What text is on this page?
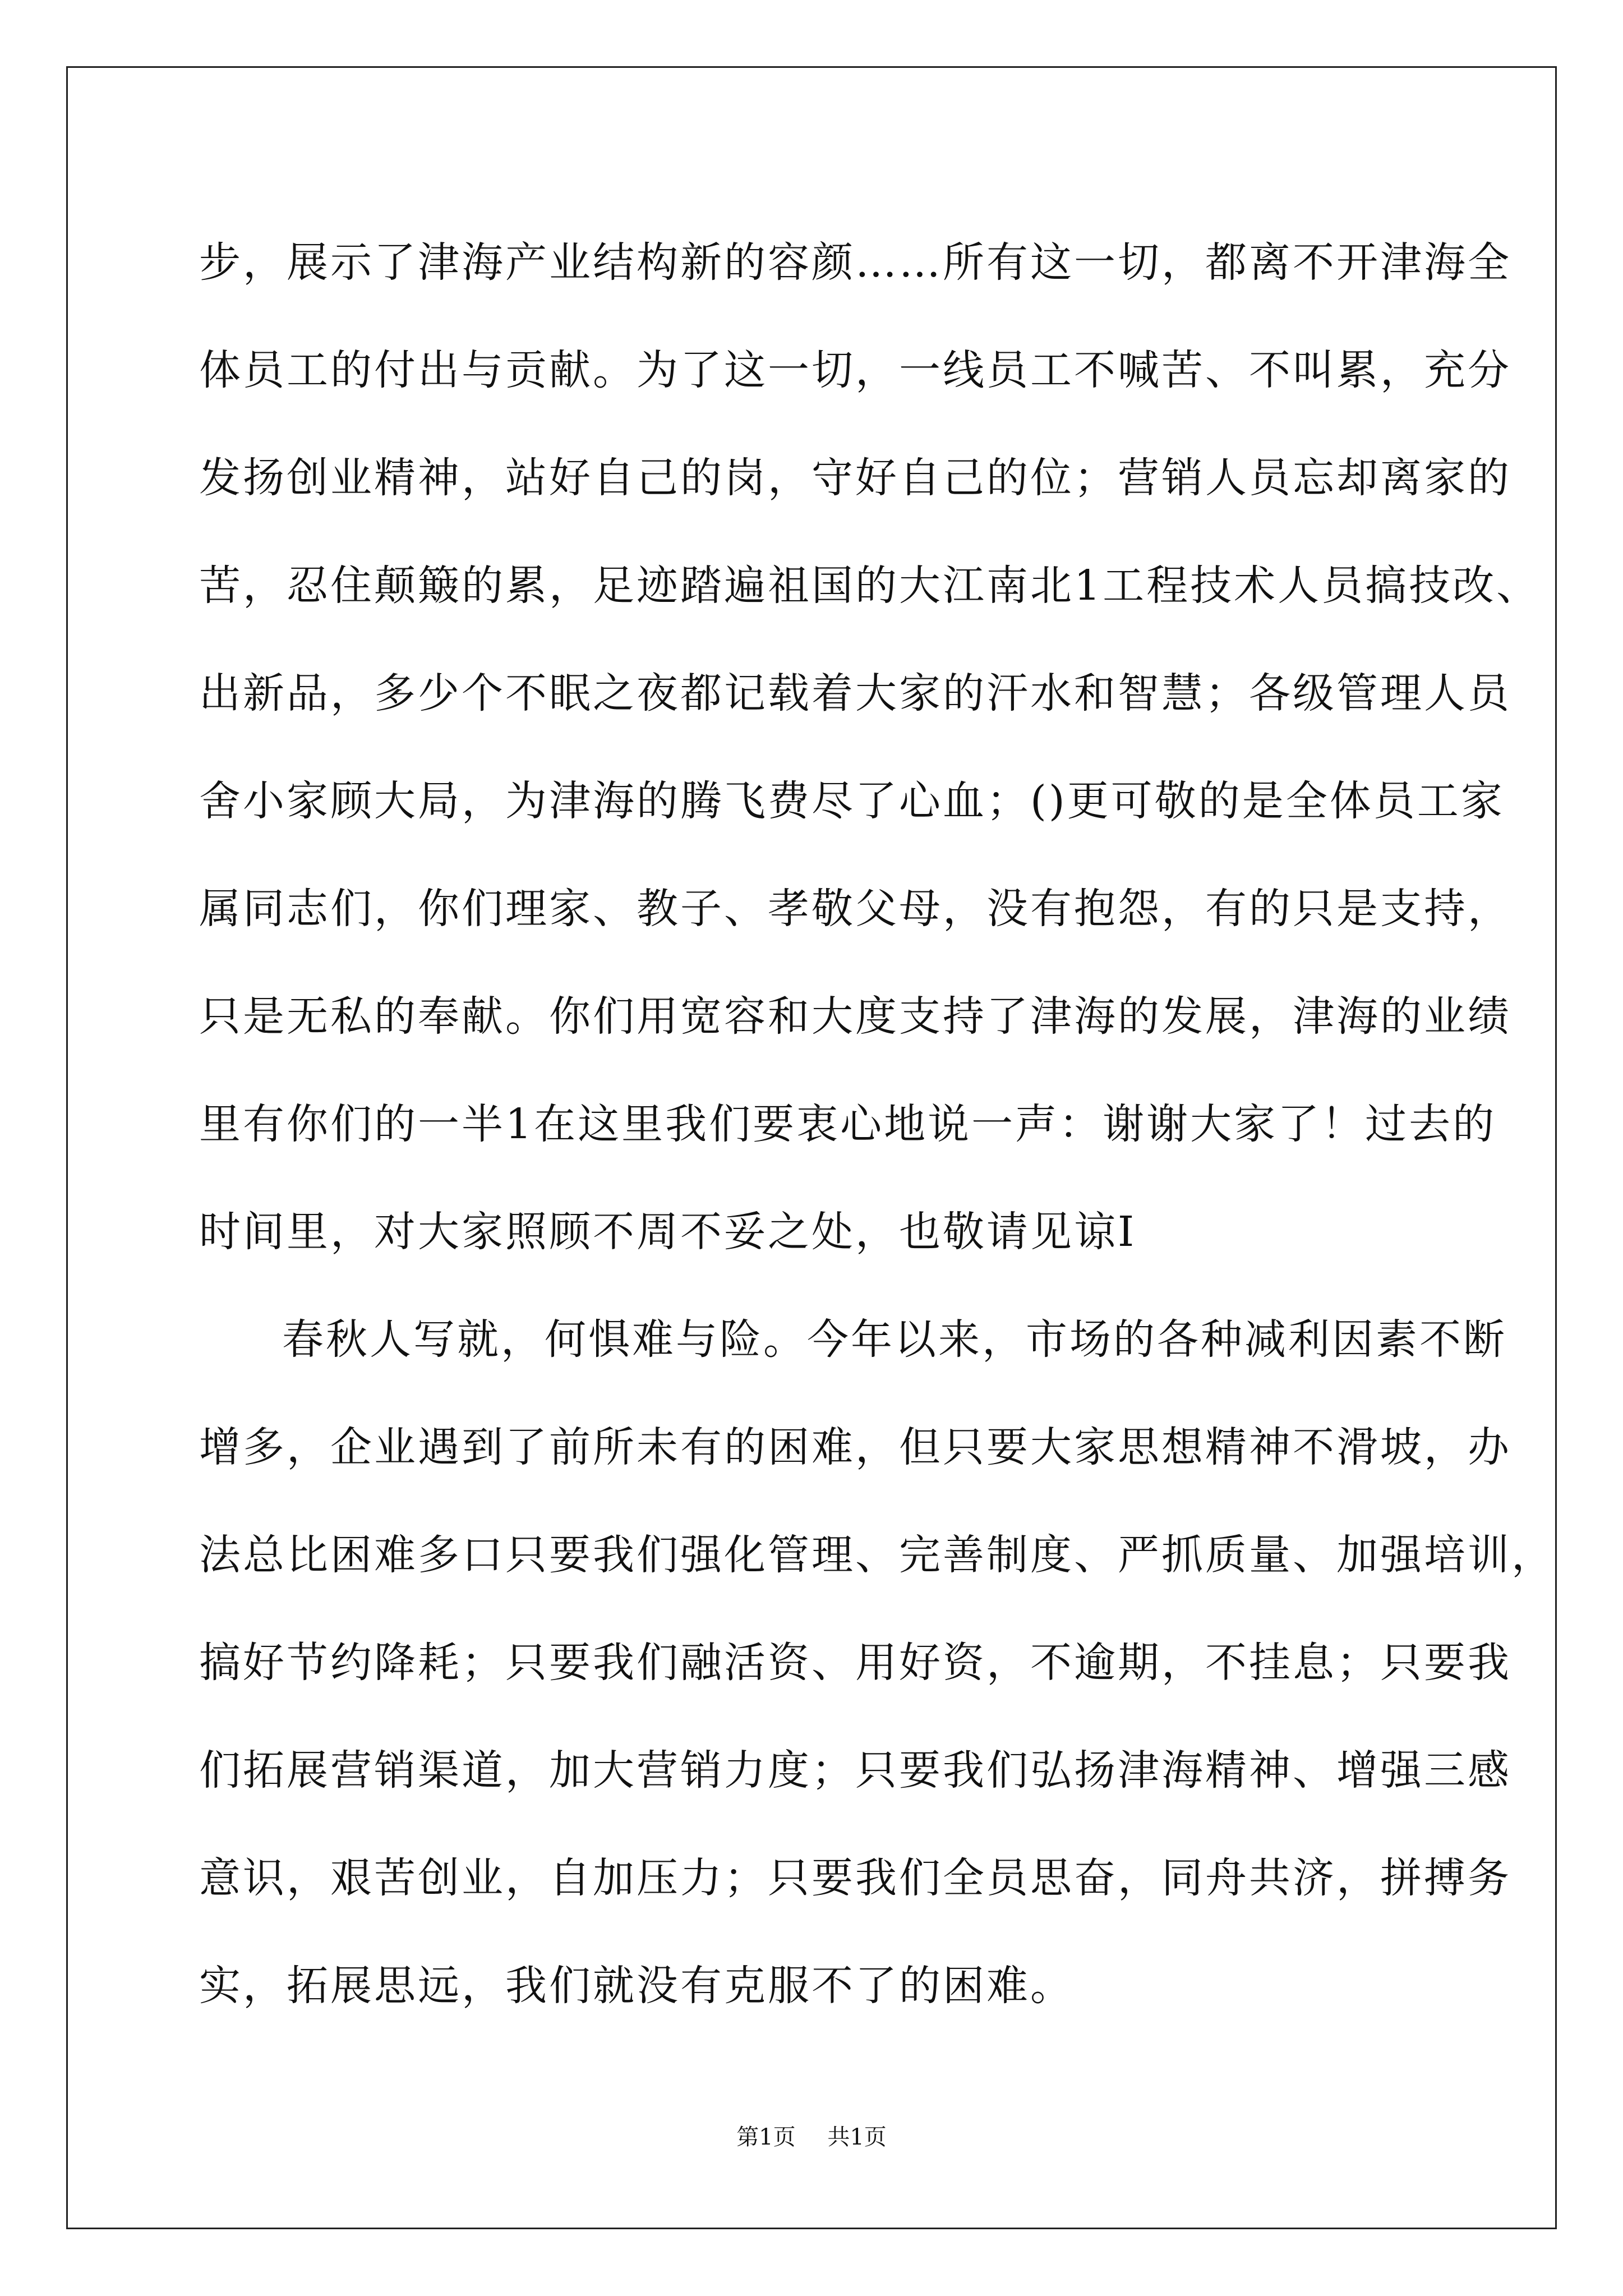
步，展示了津海产业结构新的容颜……所有这一切，都离不开津海全
体员工的付出与贡献。为了这一切，一线员工不喊苦、不叫累，充分
发扬创业精神，站好自己的岗，守好自己的位；营销人员忘却离家的
苦，忍住颠簸的累，足迹踏遍祖国的大江南北1工程技术人员搞技改、
出新品，多少个不眠之夜都记载着大家的汗水和智慧；各级管理人员
舍小家顾大局，为津海的腾飞费尽了心血；()更可敬的是全体员工家
属同志们，你们理家、教子、孝敬父母，没有抱怨，有的只是支持，
只是无私的奉献。你们用宽容和大度支持了津海的发展，津海的业绩
里有你们的一半1在这里我们要衷心地说一声：谢谢大家了！过去的
时间里，对大家照顾不周不妥之处，也敬请见谅I
春秋人写就，何惧难与险。今年以来，市场的各种减利因素不断
增多，企业遇到了前所未有的困难，但只要大家思想精神不滑坡，办
法总比困难多口只要我们强化管理、完善制度、严抓质量、加强培训，
搞好节约降耗；只要我们融活资、用好资，不逾期，不挂息；只要我
们拓展营销渠道，加大营销力度；只要我们弘扬津海精神、增强三感
意识，艰苦创业，自加压力；只要我们全员思奋，同舟共济，拼搏务
实，拓展思远，我们就没有克服不了的困难。
第1页 共1页
